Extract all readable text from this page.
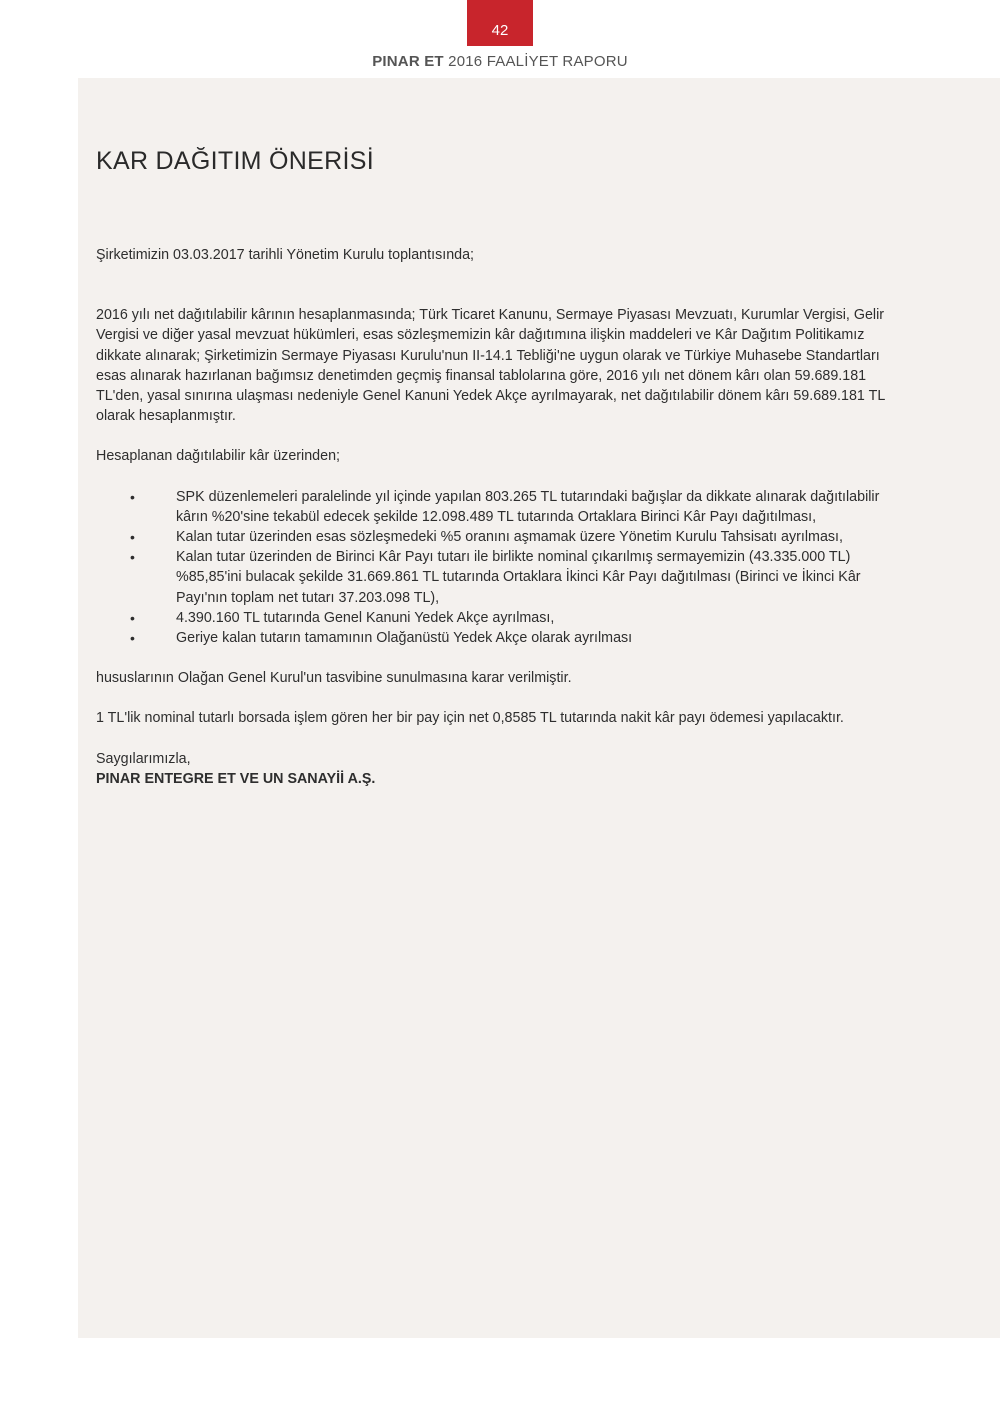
42
PINAR ET 2016 FAALİYET RAPORU
KAR DAĞITIM ÖNERİSİ

Şirketimizin 03.03.2017 tarihli Yönetim Kurulu toplantısında;

2016 yılı net dağıtılabilir kârının hesaplanmasında; Türk Ticaret Kanunu, Sermaye Piyasası Mevzuatı, Kurumlar Vergisi, Gelir Vergisi ve diğer yasal mevzuat hükümleri, esas sözleşmemizin kâr dağıtımına ilişkin maddeleri ve Kâr Dağıtım Politikamız dikkate alınarak; Şirketimizin Sermaye Piyasası Kurulu'nun II-14.1 Tebliği'ne uygun olarak ve Türkiye Muhasebe Standartları esas alınarak hazırlanan bağımsız denetimden geçmiş finansal tablolarına göre, 2016 yılı net dönem kârı olan 59.689.181 TL'den, yasal sınırına ulaşması nedeniyle Genel Kanuni Yedek Akçe ayrılmayarak, net dağıtılabilir dönem kârı 59.689.181 TL olarak hesaplanmıştır.

Hesaplanan dağıtılabilir kâr üzerinden;

• SPK düzenlemeleri paralelinde yıl içinde yapılan 803.265 TL tutarındaki bağışlar da dikkate alınarak dağıtılabilir kârın %20'sine tekabül edecek şekilde 12.098.489 TL tutarında Ortaklara Birinci Kâr Payı dağıtılması,
• Kalan tutar üzerinden esas sözleşmedeki %5 oranını aşmamak üzere Yönetim Kurulu Tahsisatı ayrılması,
• Kalan tutar üzerinden de Birinci Kâr Payı tutarı ile birlikte nominal çıkarılmış sermayemizin (43.335.000 TL) %85,85'ini bulacak şekilde 31.669.861 TL tutarında Ortaklara İkinci Kâr Payı dağıtılması (Birinci ve İkinci Kâr Payı'nın toplam net tutarı 37.203.098 TL),
• 4.390.160 TL tutarında Genel Kanuni Yedek Akçe ayrılması,
• Geriye kalan tutarın tamamının Olağanüstü Yedek Akçe olarak ayrılması

hususlarının Olağan Genel Kurul'un tasvibine sunulmasına karar verilmiştir.

1 TL'lik nominal tutarlı borsada işlem gören her bir pay için net 0,8585 TL tutarında nakit kâr payı ödemesi yapılacaktır.

Saygılarımızla,

PINAR ENTEGRE ET VE UN SANAYİİ A.Ş.
